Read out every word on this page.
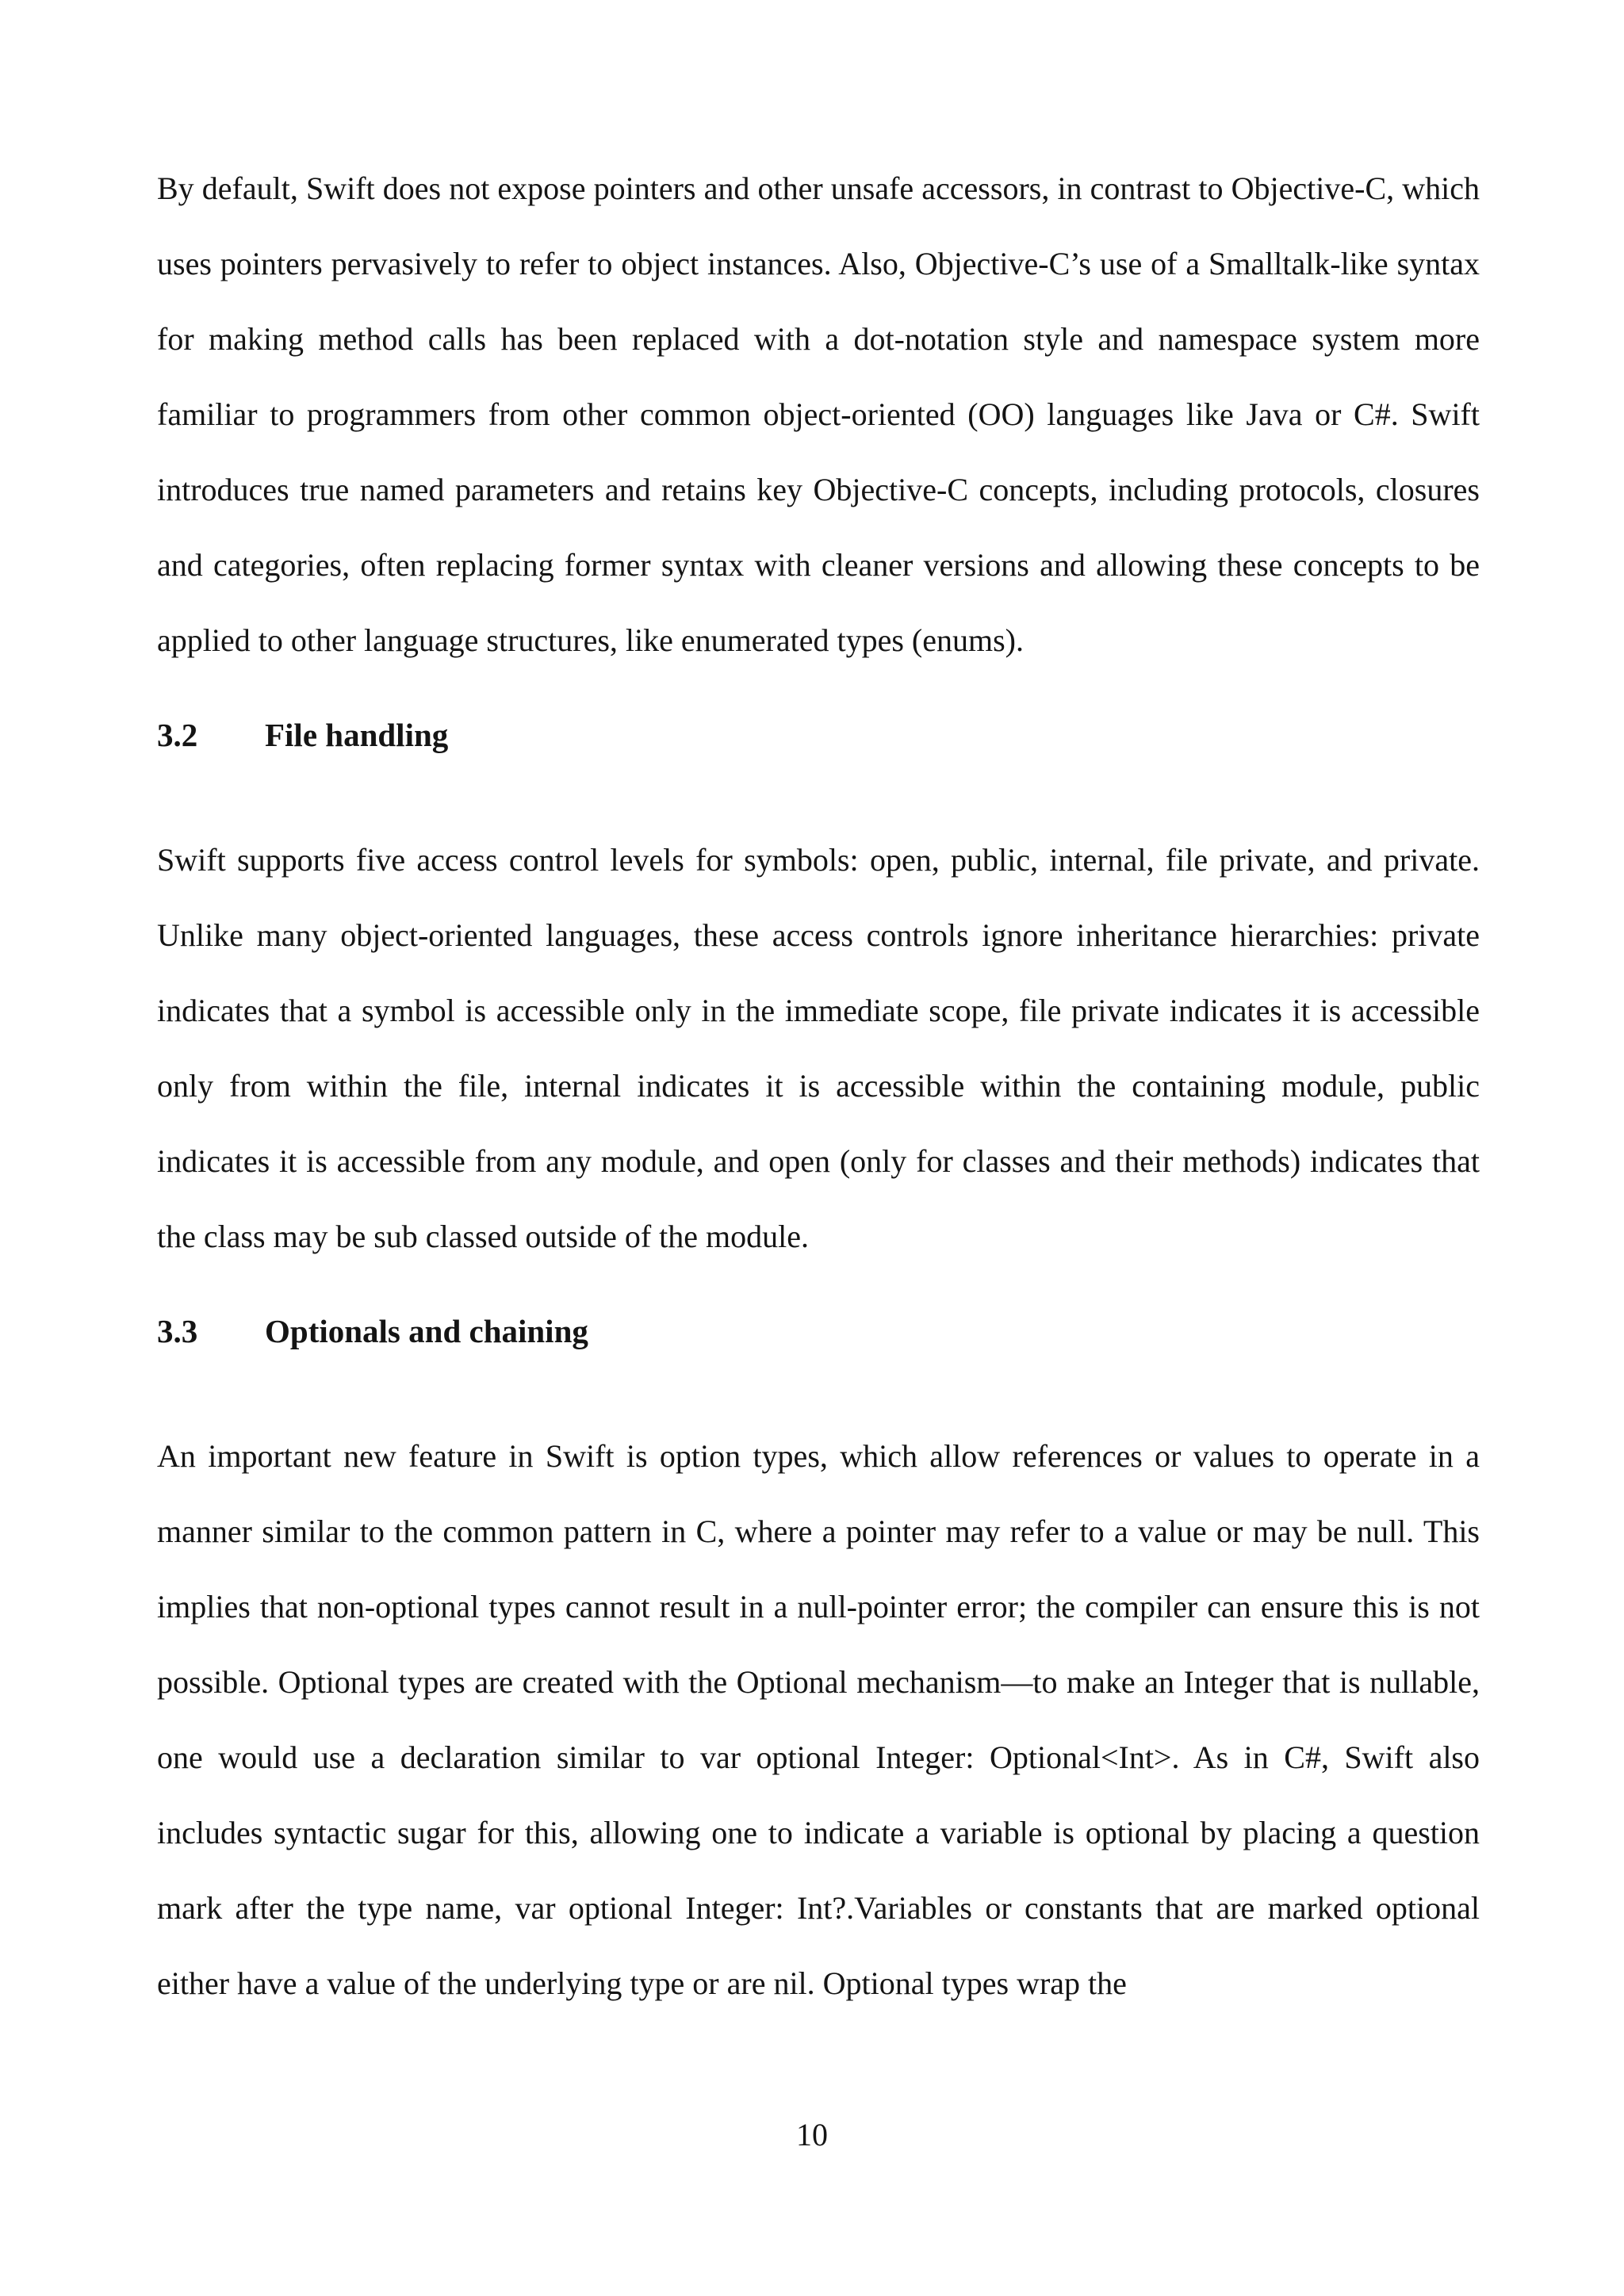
By default, Swift does not expose pointers and other unsafe accessors, in contrast to Objective-C, which uses pointers pervasively to refer to object instances. Also, Objective-C’s use of a Smalltalk-like syntax for making method calls has been replaced with a dot-notation style and namespace system more familiar to programmers from other common object-oriented (OO) languages like Java or C#. Swift introduces true named parameters and retains key Objective-C concepts, including protocols, closures and categories, often replacing former syntax with cleaner versions and allowing these concepts to be applied to other language structures, like enumerated types (enums).

3.2 File handling

Swift supports five access control levels for symbols: open, public, internal, file private, and private. Unlike many object-oriented languages, these access controls ignore inheritance hierarchies: private indicates that a symbol is accessible only in the immediate scope, file private indicates it is accessible only from within the file, internal indicates it is accessible within the containing module, public indicates it is accessible from any module, and open (only for classes and their methods) indicates that the class may be sub classed outside of the module.

3.3 Optionals and chaining

An important new feature in Swift is option types, which allow references or values to operate in a manner similar to the common pattern in C, where a pointer may refer to a value or may be null. This implies that non-optional types cannot result in a null-pointer error; the compiler can ensure this is not possible. Optional types are created with the Optional mechanism—to make an Integer that is nullable, one would use a declaration similar to var optional Integer: Optional<Int>. As in C#, Swift also includes syntactic sugar for this, allowing one to indicate a variable is optional by placing a question mark after the type name, var optional Integer: Int?.Variables or constants that are marked optional either have a value of the underlying type or are nil. Optional types wrap the

10
